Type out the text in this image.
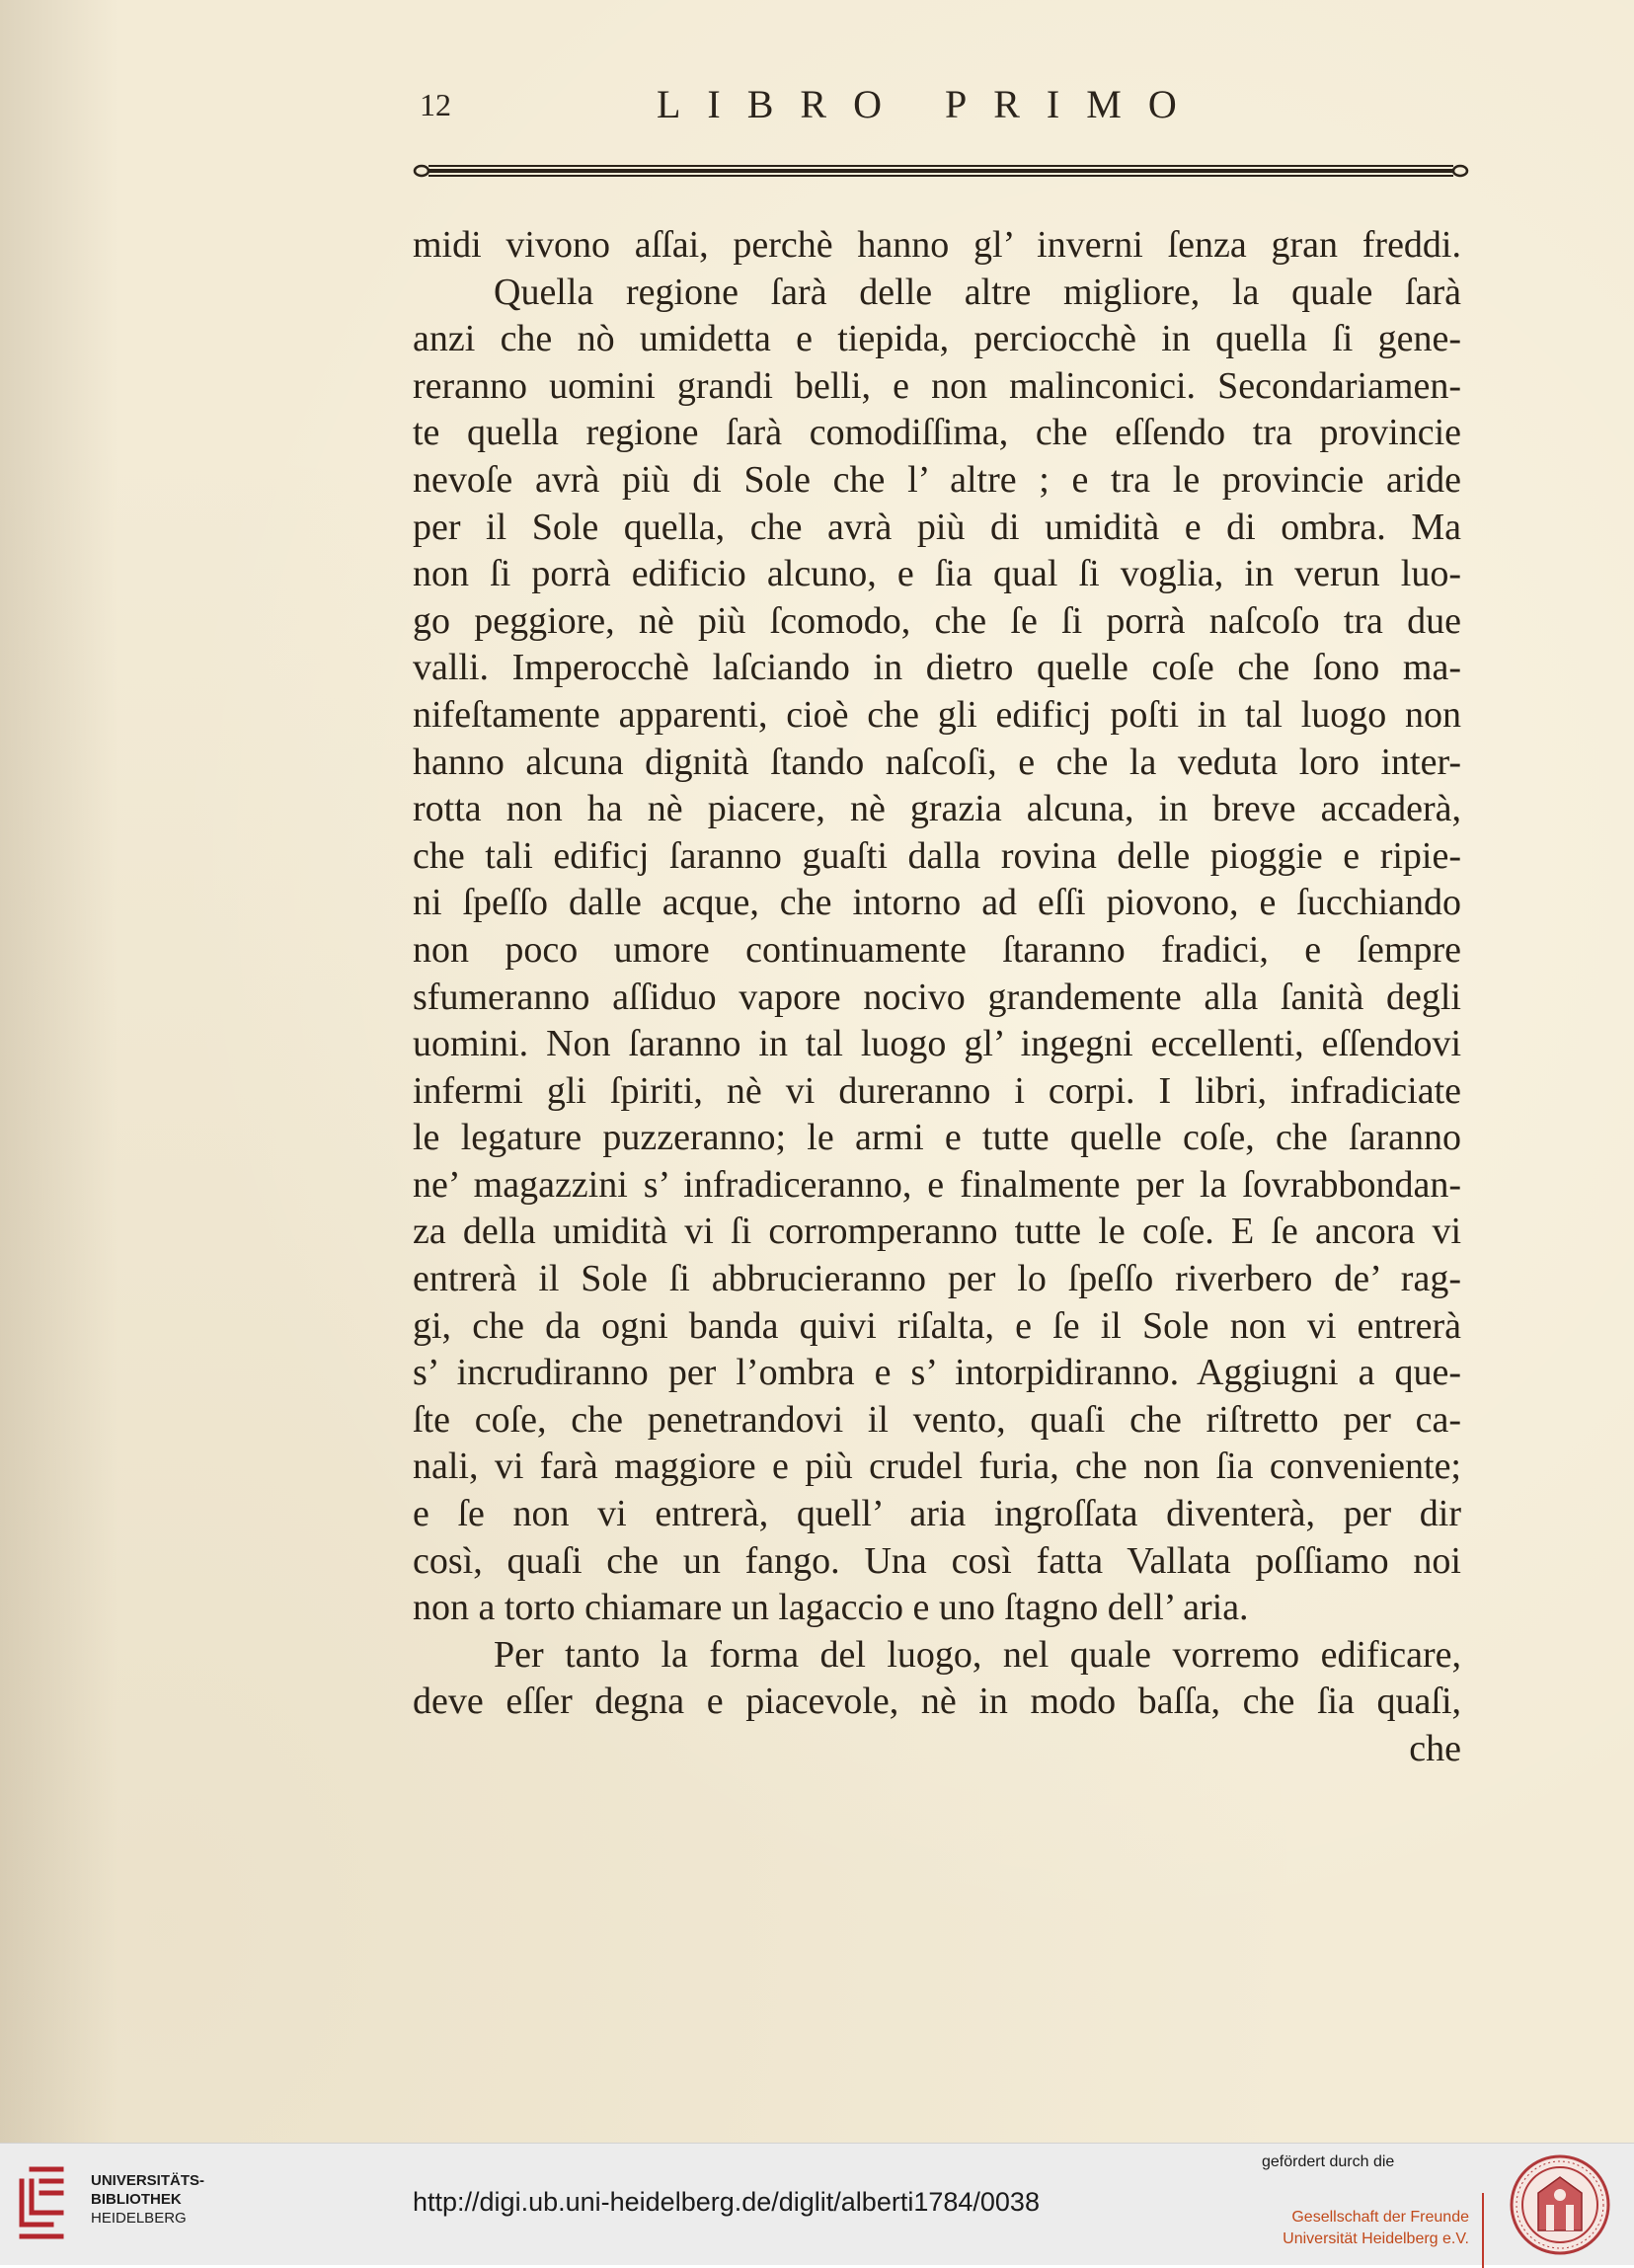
12	LIBRO PRIMO
midi vivono aſſai, perchè hanno gl’ inverni ſenza gran freddi.
Quella regione ſarà delle altre migliore, la quale ſarà
anzi che nò umidetta e tiepida, perciocchè in quella ſi gene-
reranno uomini grandi belli, e non malinconici. Secondariamen-
te quella regione ſarà comodiſſima, che eſſendo tra provincie
nevoſe avrà più di Sole che l’ altre ; e tra le provincie aride
per il Sole quella, che avrà più di umidità e di ombra. Ma
non ſi porrà edificio alcuno, e ſia qual ſi voglia, in verun luo-
go peggiore, nè più ſcomodo, che ſe ſi porrà naſcoſo tra due
valli. Imperocchè laſciando in dietro quelle coſe che ſono ma-
nifeſtamente apparenti, cioè che gli edificj poſti in tal luogo non
hanno alcuna dignità ſtando naſcoſi, e che la veduta loro inter-
rotta non ha nè piacere, nè grazia alcuna, in breve accaderà,
che tali edificj ſaranno guaſti dalla rovina delle pioggie e ripie-
ni ſpeſſo dalle acque, che intorno ad eſſi piovono, e ſucchiando
non poco umore continuamente ſtaranno fradici, e ſempre
sfumeranno aſſiduo vapore nocivo grandemente alla ſanità degli
uomini. Non ſaranno in tal luogo gl’ ingegni eccellenti, eſſendovi
infermi gli ſpiriti, nè vi dureranno i corpi. I libri, infradiciate
le legature puzzeranno; le armi e tutte quelle coſe, che ſaranno
ne’ magazzini s’ infradiceranno, e finalmente per la ſovrabbondan-
za della umidità vi ſi corromperanno tutte le coſe. E ſe ancora vi
entrerà il Sole ſi abbrucieranno per lo ſpeſſo riverbero de’ rag-
gi, che da ogni banda quivi riſalta, e ſe il Sole non vi entrerà
s’ incrudiranno per l’ombra e s’ intorpidiranno. Aggiugni a que-
ſte coſe, che penetrandovi il vento, quaſi che riſtretto per ca-
nali, vi farà maggiore e più crudel furia, che non ſia conveniente;
e ſe non vi entrerà, quell’ aria ingroſſata diventerà, per dir
così, quaſi che un fango. Una così fatta Vallata poſſiamo noi
non a torto chiamare un lagaccio e uno ſtagno dell’ aria.
Per tanto la forma del luogo, nel quale vorremo edificare,
deve eſſer degna e piacevole, nè in modo baſſa, che ſia quaſi,
che
UNIVERSITÄTS-
BIBLIOTHEK
HEIDELBERG
http://digi.ub.uni-heidelberg.de/diglit/alberti1784/0038
gefördert durch die
Gesellschaft der Freunde
Universität Heidelberg e.V.
